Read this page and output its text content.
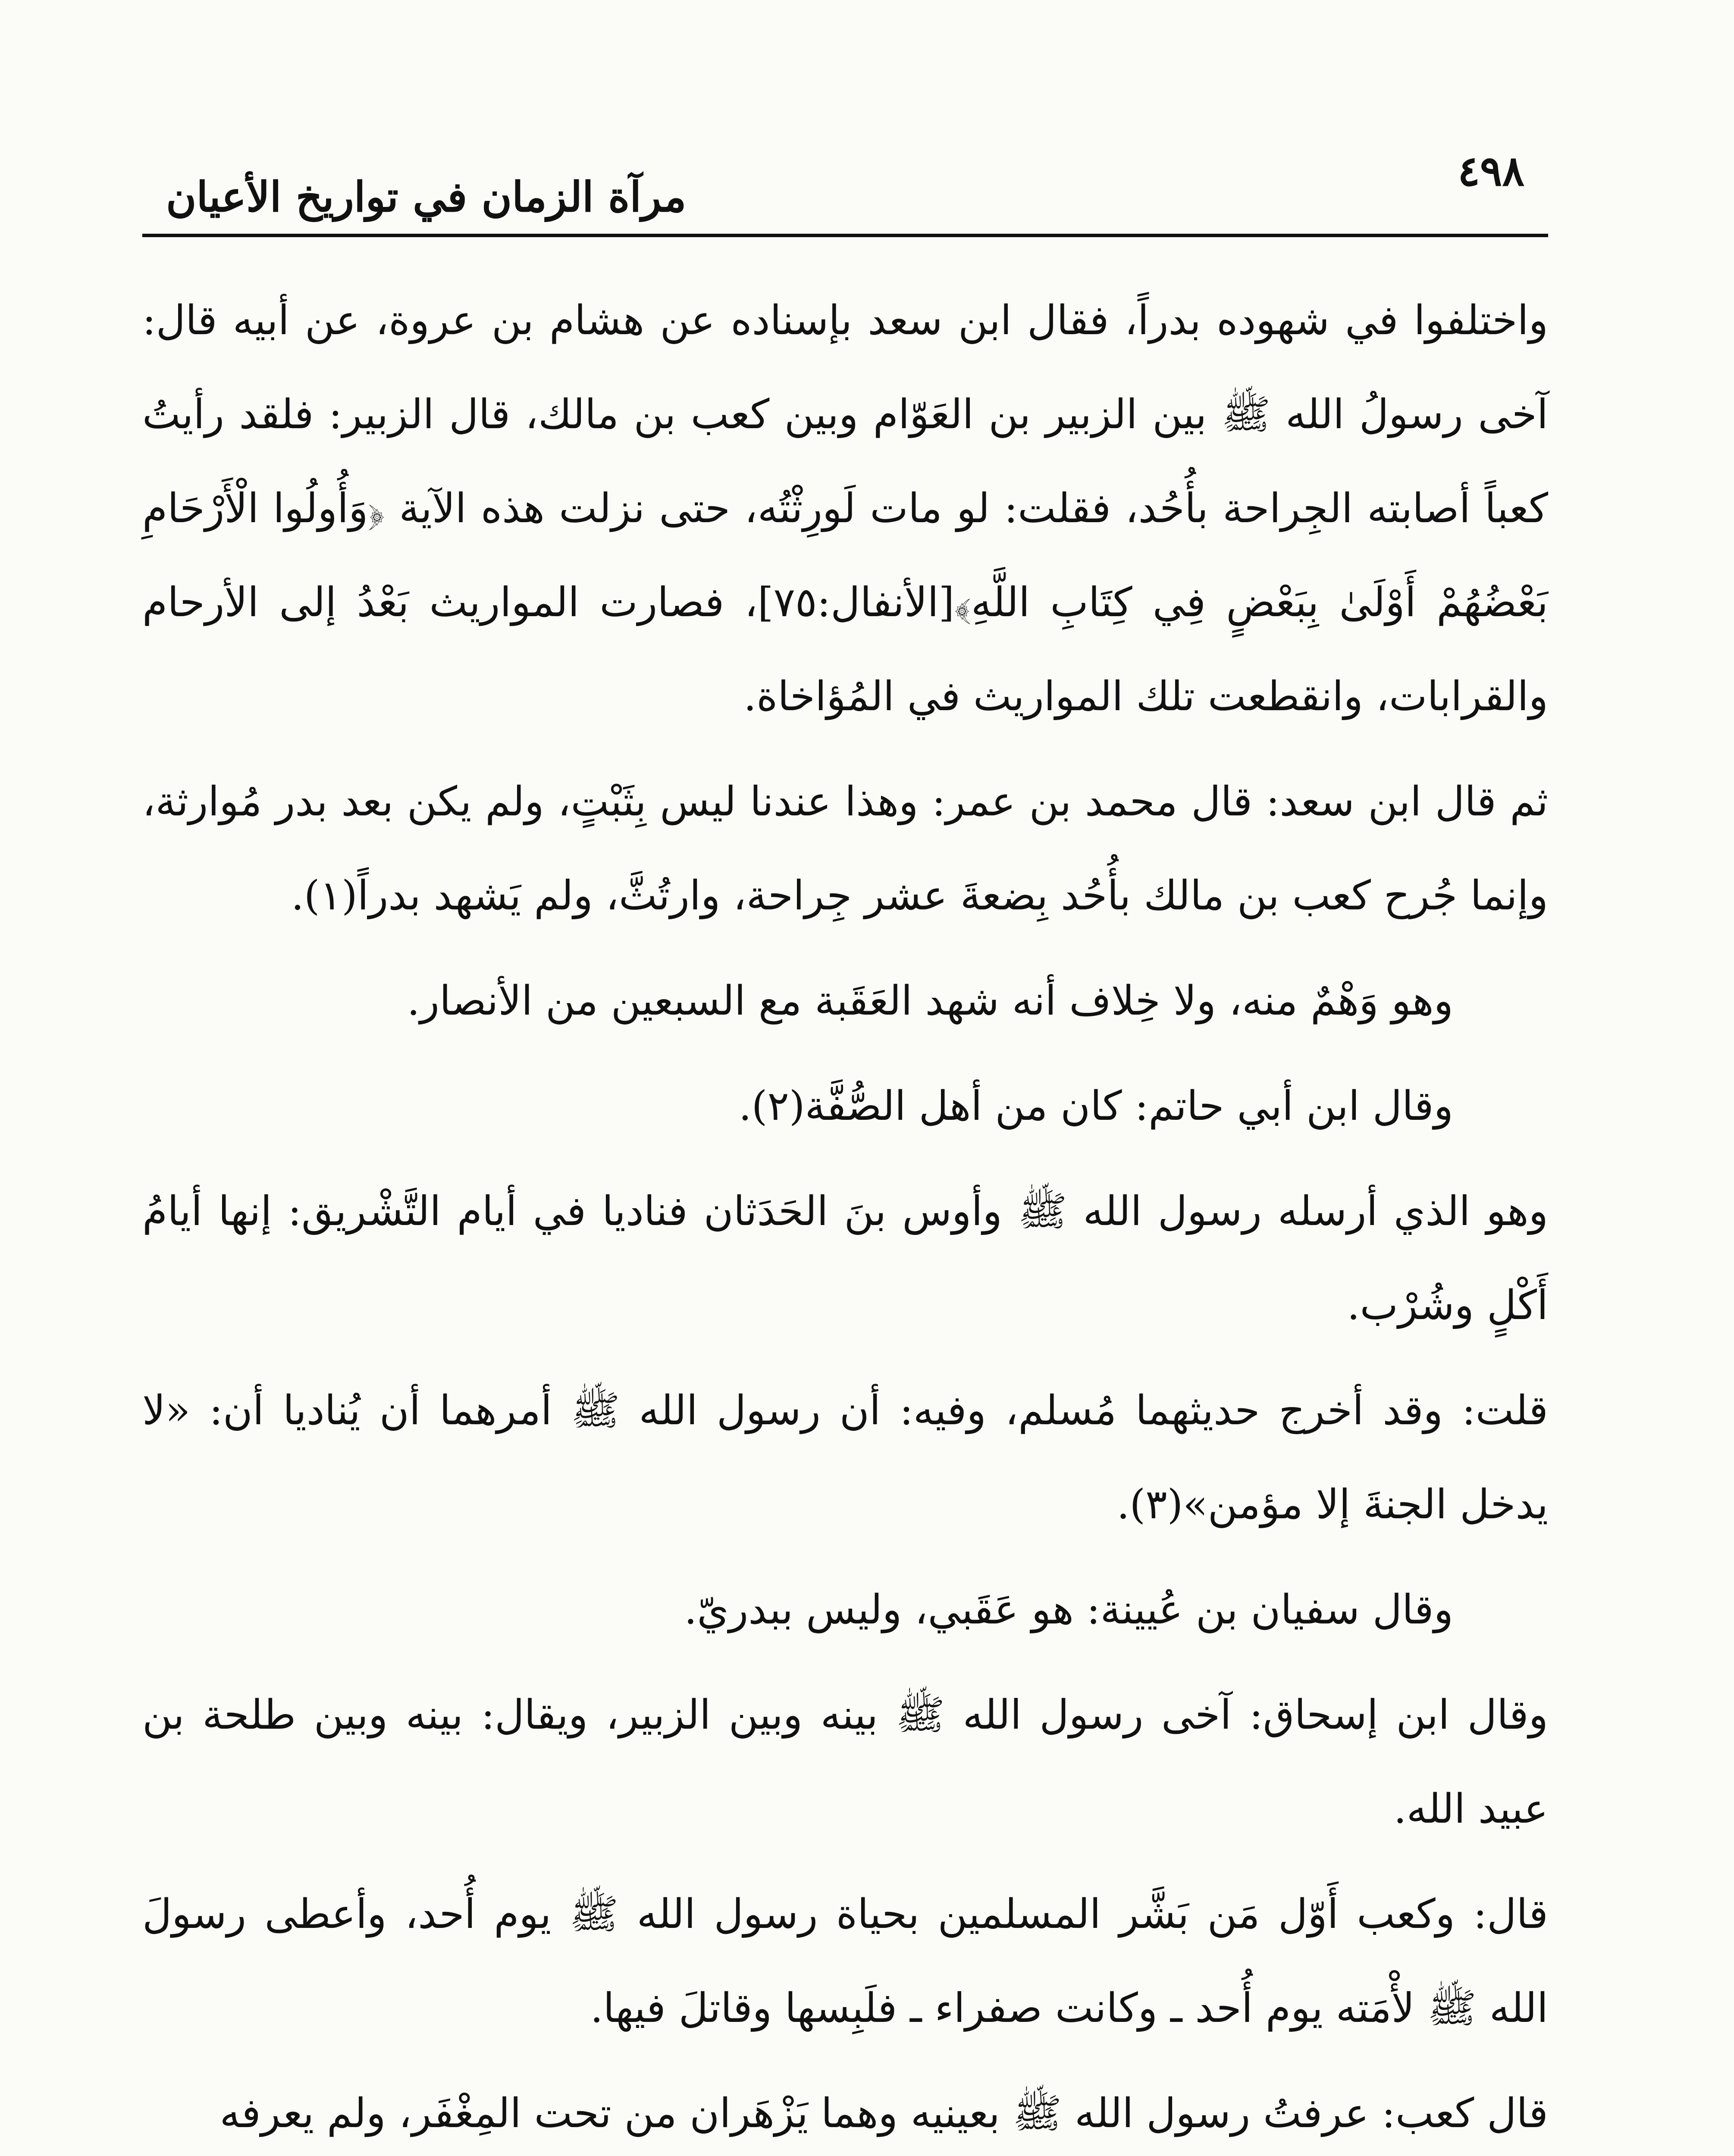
٤٩٨
مرآة الزمان في تواريخ الأعيان

واختلفوا في شهوده بدراً، فقال ابن سعد بإسناده عن هشام بن عروة، عن أبيه قال: آخى رسولُ الله ﷺ بين الزبير بن العَوّام وبين كعب بن مالك، قال الزبير: فلقد رأيتُ كعباً أصابته الجِراحة بأُحُد، فقلت: لو مات لَورِثْتُه، حتى نزلت هذه الآية ﴿وَأُولُوا الْأَرْحَامِ بَعْضُهُمْ أَوْلَىٰ بِبَعْضٍ فِي كِتَابِ اللَّهِ﴾[الأنفال:٧٥]، فصارت المواريث بَعْدُ إلى الأرحام والقرابات، وانقطعت تلك المواريث في المُؤاخاة.

ثم قال ابن سعد: قال محمد بن عمر: وهذا عندنا ليس بِثَبْتٍ، ولم يكن بعد بدر مُوارثة، وإنما جُرح كعب بن مالك بأُحُد بِضعةَ عشر جِراحة، وارتُثَّ، ولم يَشهد بدراً(١).

وهو وَهْمٌ منه، ولا خِلاف أنه شهد العَقَبة مع السبعين من الأنصار.

وقال ابن أبي حاتم: كان من أهل الصُّفَّة(٢).

وهو الذي أرسله رسول الله ﷺ وأوس بنَ الحَدَثان فناديا في أيام التَّشْريق: إنها أيامُ أَكْلٍ وشُرْب.

قلت: وقد أخرج حديثهما مُسلم، وفيه: أن رسول الله ﷺ أمرهما أن يُناديا أن: «لا يدخل الجنةَ إلا مؤمن»(٣).

وقال سفيان بن عُيينة: هو عَقَبي، وليس ببدريّ.

وقال ابن إسحاق: آخى رسول الله ﷺ بينه وبين الزبير، ويقال: بينه وبين طلحة بن عبيد الله.

قال: وكعب أَوّل مَن بَشَّر المسلمين بحياة رسول الله ﷺ يوم أُحد، وأعطى رسولَ الله ﷺ لأْمَته يوم أُحد ـ وكانت صفراء ـ فلَبِسها وقاتلَ فيها.

قال كعب: عرفتُ رسول الله ﷺ بعينيه وهما يَزْهَران من تحت المِغْفَر، ولم يعرفه
